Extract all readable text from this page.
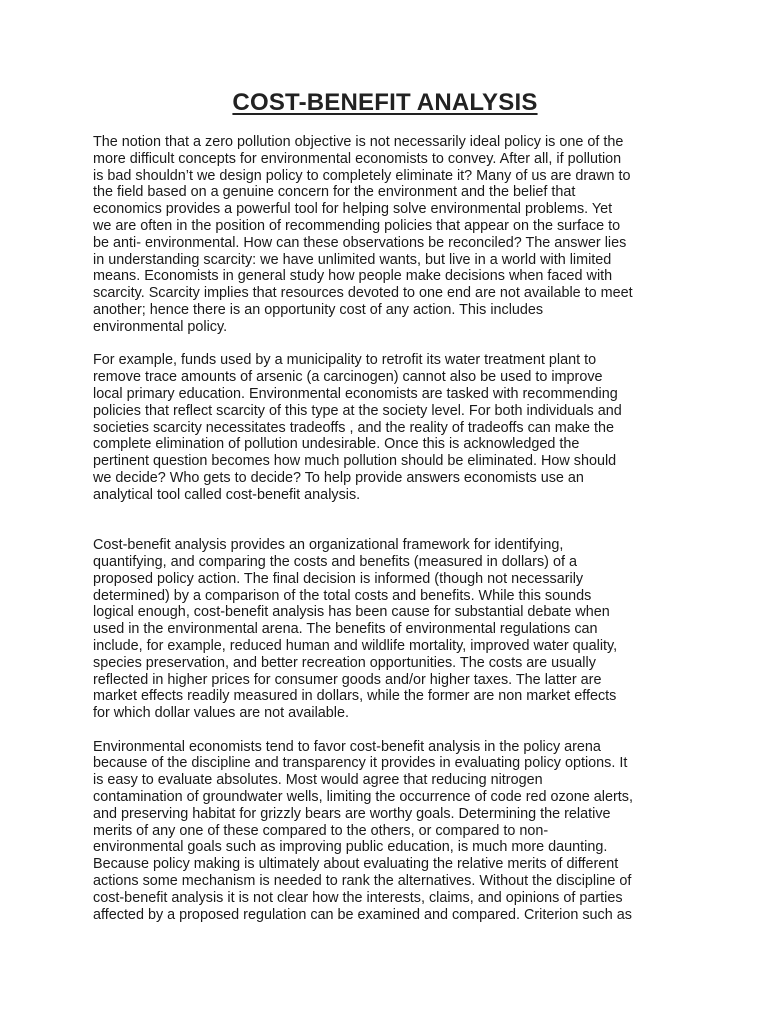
COST-BENEFIT ANALYSIS

The notion that a zero pollution objective is not necessarily ideal policy is one of the
more difficult concepts for environmental economists to convey. After all, if pollution
is bad shouldn’t we design policy to completely eliminate it? Many of us are drawn to
the field based on a genuine concern for the environment and the belief that
economics provides a powerful tool for helping solve environmental problems. Yet
we are often in the position of recommending policies that appear on the surface to
be anti- environmental. How can these observations be reconciled? The answer lies
in understanding scarcity: we have unlimited wants, but live in a world with limited
means. Economists in general study how people make decisions when faced with
scarcity. Scarcity implies that resources devoted to one end are not available to meet
another; hence there is an opportunity cost of any action. This includes
environmental policy.

For example, funds used by a municipality to retrofit its water treatment plant to
remove trace amounts of arsenic (a carcinogen) cannot also be used to improve
local primary education. Environmental economists are tasked with recommending
policies that reflect scarcity of this type at the society level. For both individuals and
societies scarcity necessitates tradeoffs , and the reality of tradeoffs can make the
complete elimination of pollution undesirable. Once this is acknowledged the
pertinent question becomes how much pollution should be eliminated. How should
we decide? Who gets to decide? To help provide answers economists use an
analytical tool called cost-benefit analysis.

Cost-benefit analysis provides an organizational framework for identifying,
quantifying, and comparing the costs and benefits (measured in dollars) of a
proposed policy action. The final decision is informed (though not necessarily
determined) by a comparison of the total costs and benefits. While this sounds
logical enough, cost-benefit analysis has been cause for substantial debate when
used in the environmental arena. The benefits of environmental regulations can
include, for example, reduced human and wildlife mortality, improved water quality,
species preservation, and better recreation opportunities. The costs are usually
reflected in higher prices for consumer goods and/or higher taxes. The latter are
market effects readily measured in dollars, while the former are non market effects
for which dollar values are not available.

Environmental economists tend to favor cost-benefit analysis in the policy arena
because of the discipline and transparency it provides in evaluating policy options. It
is easy to evaluate absolutes. Most would agree that reducing nitrogen
contamination of groundwater wells, limiting the occurrence of code red ozone alerts,
and preserving habitat for grizzly bears are worthy goals. Determining the relative
merits of any one of these compared to the others, or compared to non-
environmental goals such as improving public education, is much more daunting.
Because policy making is ultimately about evaluating the relative merits of different
actions some mechanism is needed to rank the alternatives. Without the discipline of
cost-benefit analysis it is not clear how the interests, claims, and opinions of parties
affected by a proposed regulation can be examined and compared. Criterion such as
